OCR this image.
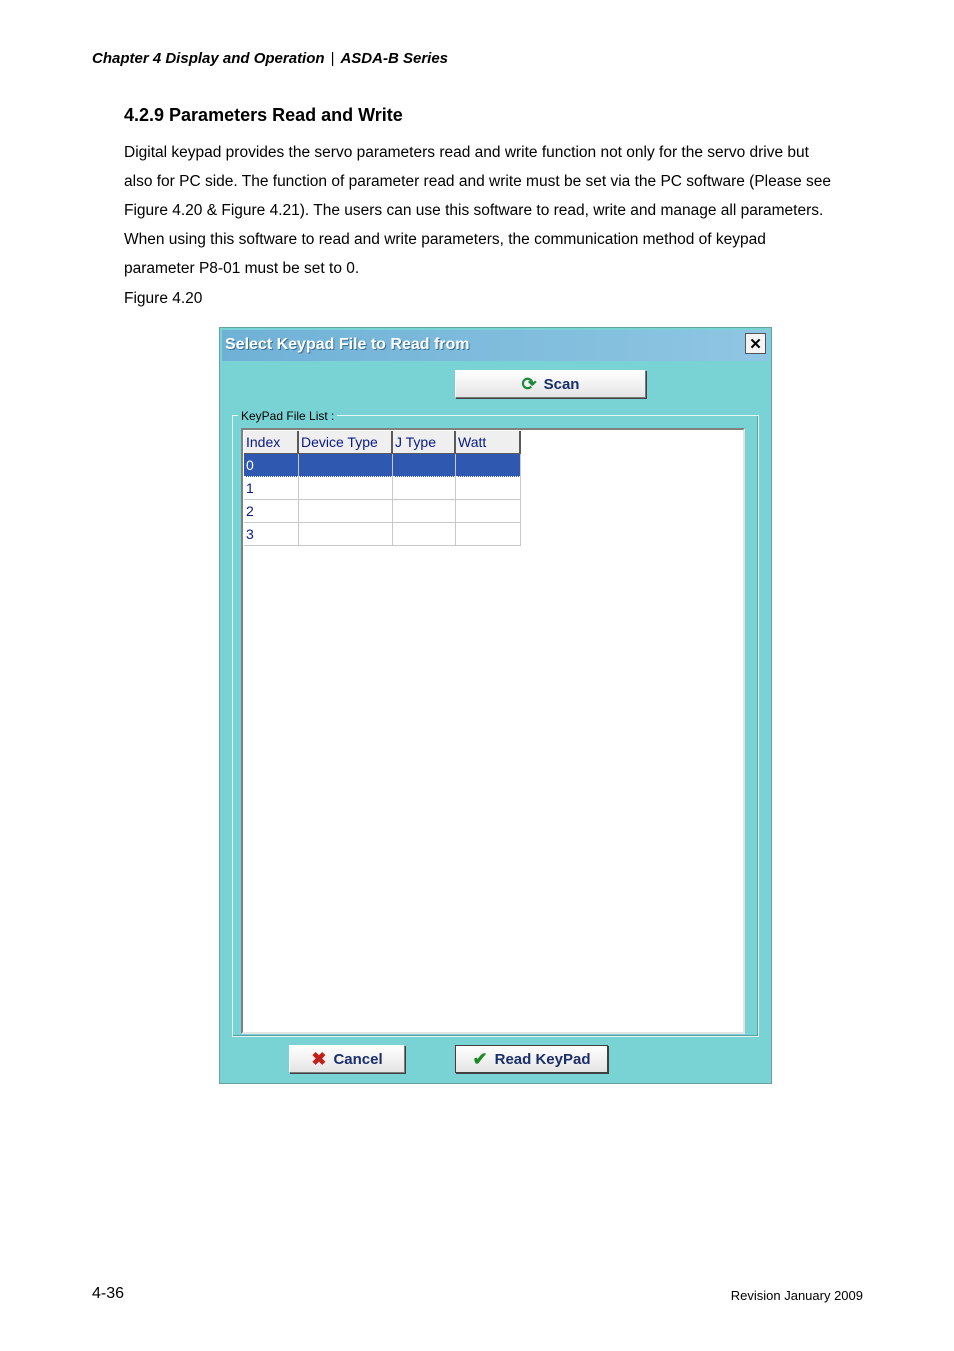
Chapter 4 Display and Operation | ASDA-B Series
4.2.9 Parameters Read and Write
Digital keypad provides the servo parameters read and write function not only for the servo drive but
also for PC side. The function of parameter read and write must be set via the PC software (Please see
Figure 4.20 & Figure 4.21). The users can use this software to read, write and manage all parameters.
When using this software to read and write parameters, the communication method of keypad
parameter P8-01 must be set to 0.
Figure 4.20
Select Keypad File to Read from	✕
⟳ Scan
KeyPad File List :
Index	Device Type	J Type	Watt
0			
1			
2			
3			
✖ Cancel	✔ Read KeyPad
4-36	Revision January 2009
